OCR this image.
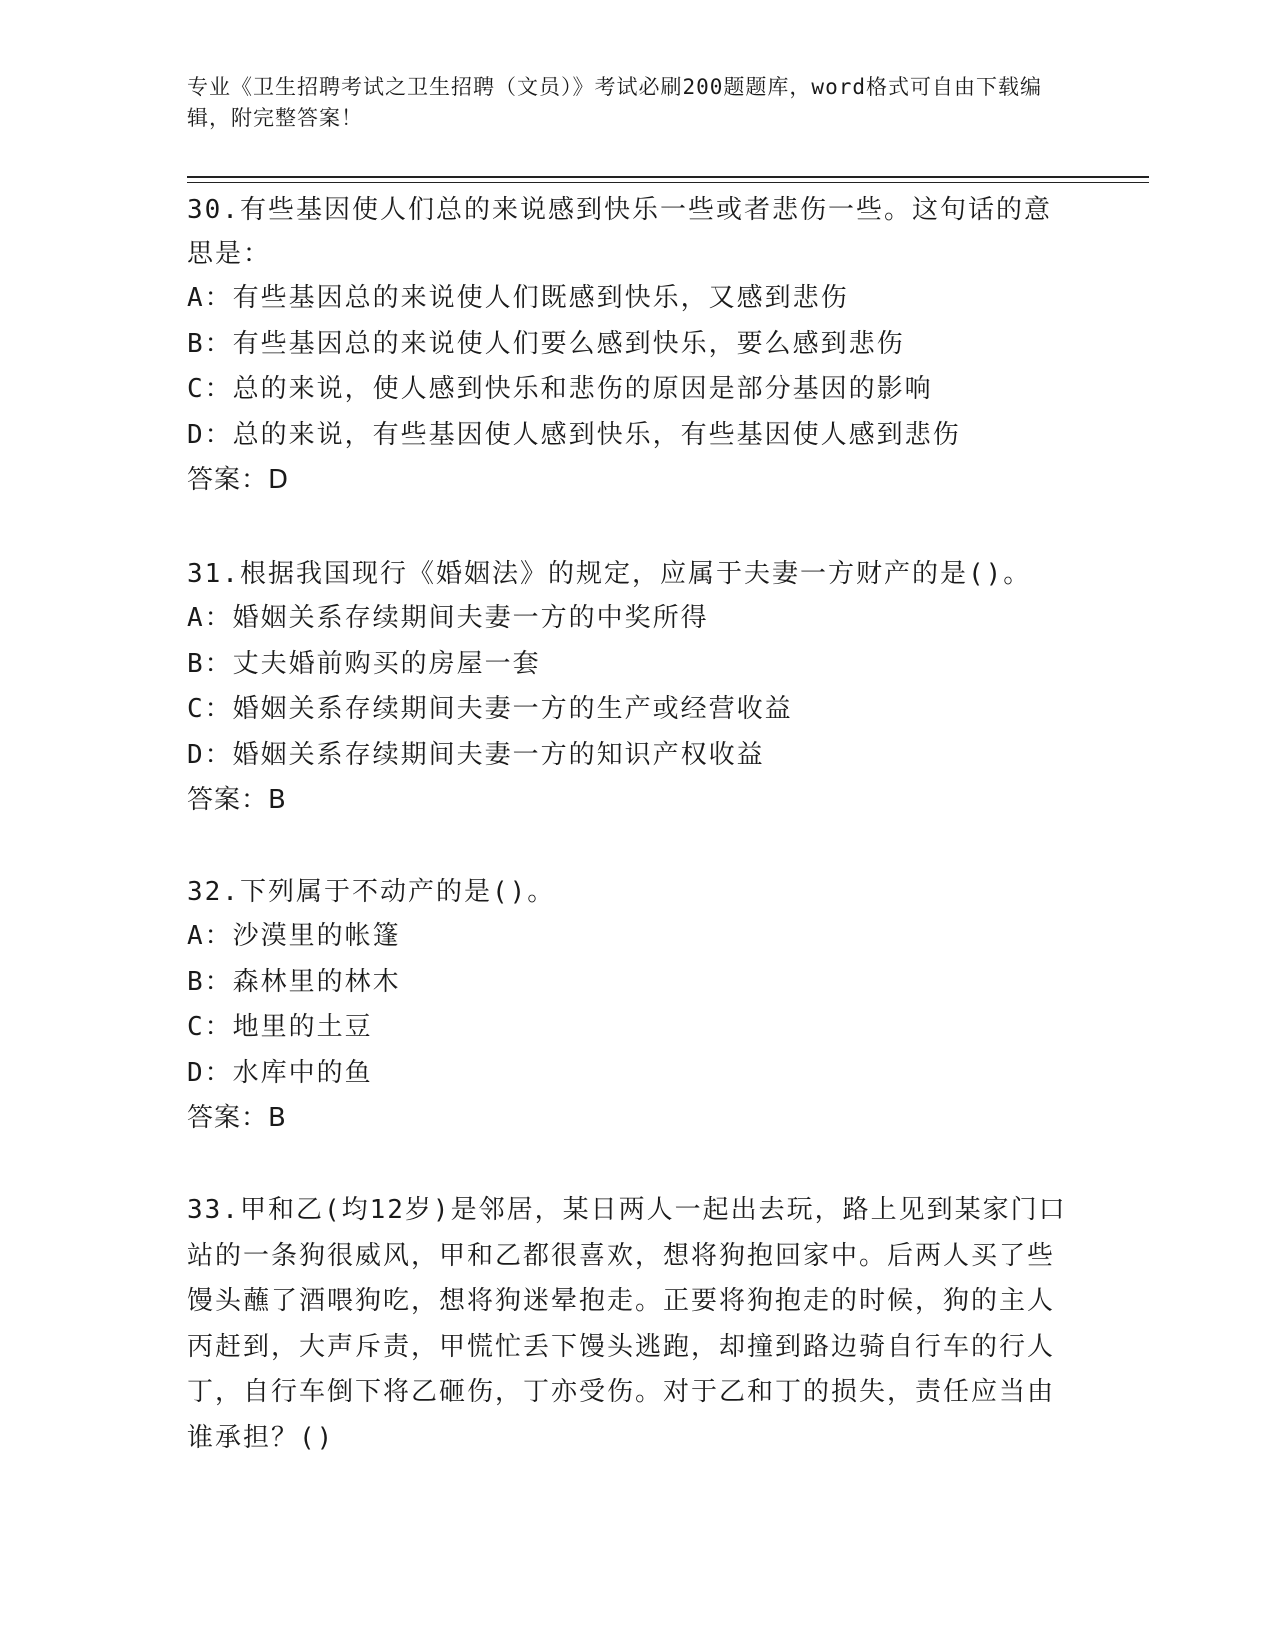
专业《卫生招聘考试之卫生招聘（文员）》考试必刷200题题库，word格式可自由下载编辑，附完整答案！
30.有些基因使人们总的来说感到快乐一些或者悲伤一些。这句话的意思是：
A：有些基因总的来说使人们既感到快乐，又感到悲伤
B：有些基因总的来说使人们要么感到快乐，要么感到悲伤
C：总的来说，使人感到快乐和悲伤的原因是部分基因的影响
D：总的来说，有些基因使人感到快乐，有些基因使人感到悲伤
答案：D
31.根据我国现行《婚姻法》的规定，应属于夫妻一方财产的是()。
A：婚姻关系存续期间夫妻一方的中奖所得
B：丈夫婚前购买的房屋一套
C：婚姻关系存续期间夫妻一方的生产或经营收益
D：婚姻关系存续期间夫妻一方的知识产权收益
答案：B
32.下列属于不动产的是()。
A：沙漠里的帐篷
B：森林里的林木
C：地里的土豆
D：水库中的鱼
答案：B
33.甲和乙(均12岁)是邻居，某日两人一起出去玩，路上见到某家门口站的一条狗很威风，甲和乙都很喜欢，想将狗抱回家中。后两人买了些馒头蘸了酒喂狗吃，想将狗迷晕抱走。正要将狗抱走的时候，狗的主人丙赶到，大声斥责，甲慌忙丢下馒头逃跑，却撞到路边骑自行车的行人丁，自行车倒下将乙砸伤，丁亦受伤。对于乙和丁的损失，责任应当由谁承担？()
